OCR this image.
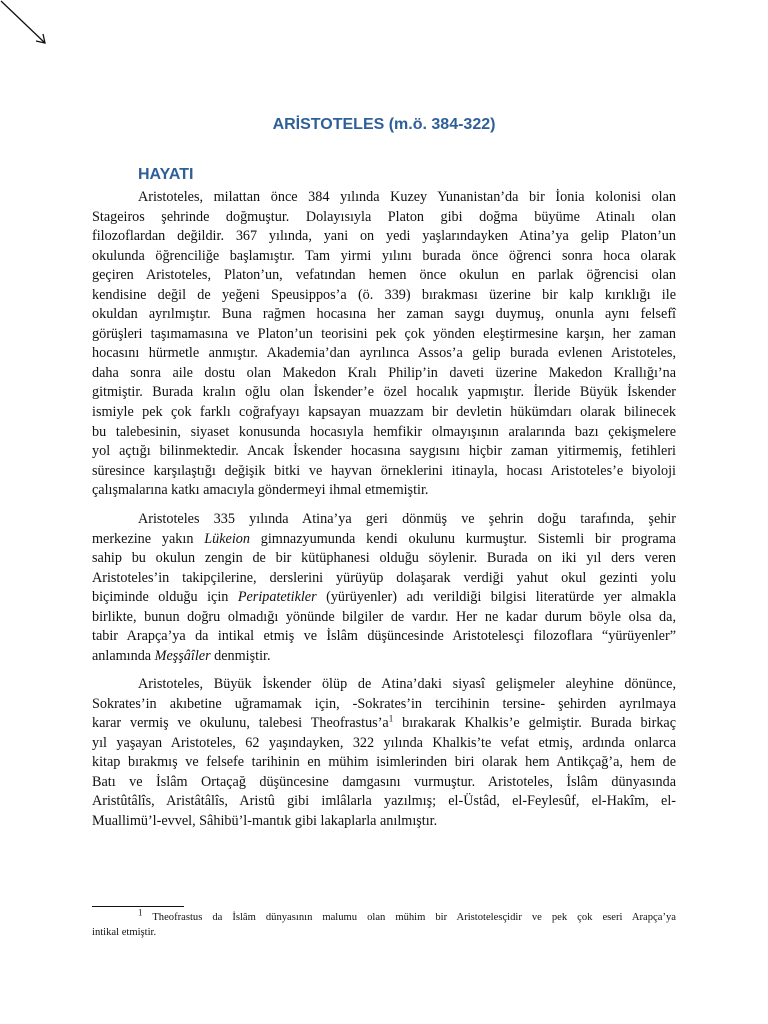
ARİSTOTELES (m.ö. 384-322)
HAYATI

Aristoteles, milattan önce 384 yılında Kuzey Yunanistan’da bir İonia kolonisi olan
Stageiros şehrinde doğmuştur. Dolayısıyla Platon gibi doğma büyüme Atinalı olan
filozoflardan değildir. 367 yılında, yani on yedi yaşlarındayken Atina’ya gelip Platon’un
okulunda öğrenciliğe başlamıştır. Tam yirmi yılını burada önce öğrenci sonra hoca olarak
geçiren Aristoteles, Platon’un, vefatından hemen önce okulun en parlak öğrencisi olan
kendisine değil de yeğeni Speusippos’a (ö. 339) bırakması üzerine bir kalp kırıklığı ile
okuldan ayrılmıştır. Buna rağmen hocasına her zaman saygı duymuş, onunla aynı felsefî
görüşleri taşımamasına ve Platon’un teorisini pek çok yönden eleştirmesine karşın, her zaman
hocasını hürmetle anmıştır. Akademia’dan ayrılınca Assos’a gelip burada evlenen Aristoteles,
daha sonra aile dostu olan Makedon Kralı Philip’in daveti üzerine Makedon Krallığı’na
gitmiştir. Burada kralın oğlu olan İskender’e özel hocalık yapmıştır. İleride Büyük İskender
ismiyle pek çok farklı coğrafyayı kapsayan muazzam bir devletin hükümdarı olarak bilinecek
bu talebesinin, siyaset konusunda hocasıyla hemfikir olmayışının aralarında bazı çekişmelere
yol açtığı bilinmektedir. Ancak İskender hocasına saygısını hiçbir zaman yitirmemiş, fetihleri
süresince karşılaştığı değişik bitki ve hayvan örneklerini itinayla, hocası Aristoteles’e biyoloji
çalışmalarına katkı amacıyla göndermeyi ihmal etmemiştir.

Aristoteles 335 yılında Atina’ya geri dönmüş ve şehrin doğu tarafında, şehir
merkezine yakın Lükeion gimnazyumunda kendi okulunu kurmuştur. Sistemli bir programa
sahip bu okulun zengin de bir kütüphanesi olduğu söylenir. Burada on iki yıl ders veren
Aristoteles’in takipçilerine, derslerini yürüyüp dolaşarak verdiği yahut okul gezinti yolu
biçiminde olduğu için Peripatetikler (yürüyenler) adı verildiği bilgisi literatürde yer almakla
birlikte, bunun doğru olmadığı yönünde bilgiler de vardır. Her ne kadar durum böyle olsa da,
tabir Arapça’ya da intikal etmiş ve İslâm düşüncesinde Aristotelesçi filozoflara “yürüyenler”
anlamında Meşşâîler denmiştir.

Aristoteles, Büyük İskender ölüp de Atina’daki siyasî gelişmeler aleyhine dönünce,
Sokrates’in akıbetine uğramamak için, -Sokrates’in tercihinin tersine- şehirden ayrılmaya
karar vermiş ve okulunu, talebesi $Theofrastus’a^1$ bırakarak Khalkis’e gelmiştir. Burada birkaç
yıl yaşayan Aristoteles, 62 yaşındayken, 322 yılında Khalkis’te vefat etmiş, ardında onlarca
kitap bırakmış ve felsefe tarihinin en mühim isimlerinden biri olarak hem Antikçağ’a, hem de
Batı ve İslâm Ortaçağ düşüncesine damgasını vurmuştur. Aristoteles, İslâm dünyasında
Aristûtâlîs, Aristâtâlîs, Aristû gibi imlâlarla yazılmış; el-Üstâd, el-Feylesûf, el-Hakîm, el-
Muallimü’l-evvel, Sâhibü’l-mantık gibi lakaplarla anılmıştır.

$^1$ Theofrastus da İslâm dünyasının malumu olan mühim bir Aristotelesçidir ve pek çok eseri Arapça’ya
intikal etmiştir.
